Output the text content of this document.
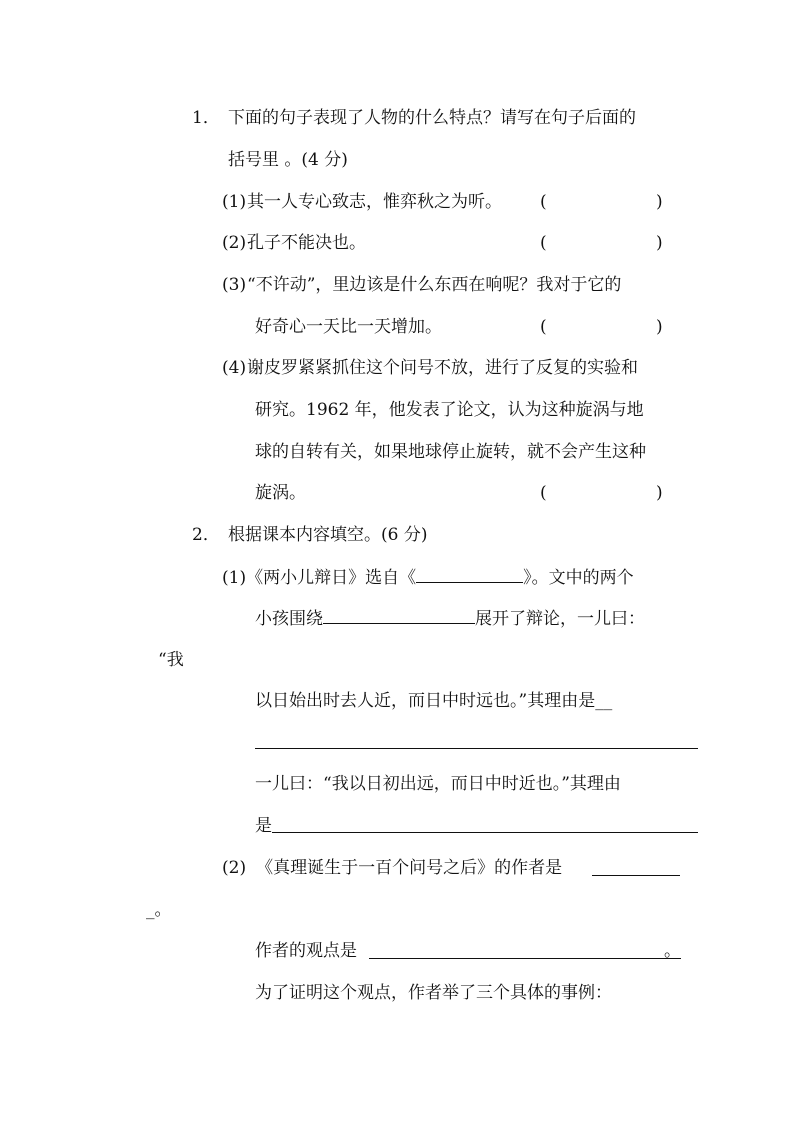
1． 下面的句子表现了人物的什么特点？请写在句子后面的
括号里 。(4 分)
(1) 其一人专心致志，惟弈秋之为听。 (	)
(2) 孔子不能决也。	(	)
(3) “不许动”，里边该是什么东西在响呢？我对于它的
好奇心一天比一天增加。	(	)
(4) 谢皮罗紧紧抓住这个问号不放，进行了反复的实验和
研究。1962 年，他发表了论文，认为这种旋涡与地
球的自转有关，如果地球停止旋转，就不会产生这种
旋涡。	(	)
2． 根据课本内容填空。(6 分)
(1)《两小儿辩日》选自《	》。文中的两个
小孩围绕	展开了辩论，一儿曰：
“我
以日始出时去人近，而日中时远也。”其理由是__
一儿曰：“我以日初出远，而日中时近也。”其理由
是
(2) 《真理诞生于一百个问号之后》的作者是
_。
作者的观点是	。
为了证明这个观点，作者举了三个具体的事例：
